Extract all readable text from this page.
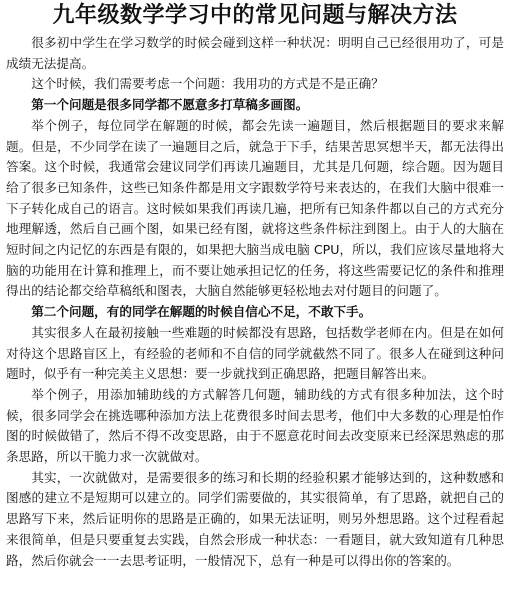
九年级数学学习中的常见问题与解决方法

很多初中学生在学习数学的时候会碰到这样一种状况：明明自己已经很用功了，可是成绩无法提高。

这个时候，我们需要考虑一个问题：我用功的方式是不是正确？

第一个问题是很多同学都不愿意多打草稿多画图。

举个例子，每位同学在解题的时候，都会先读一遍题目，然后根据题目的要求来解题。但是，不少同学在读了一遍题目之后，就急于下手，结果苦思冥想半天，都无法得出答案。这个时候，我通常会建议同学们再读几遍题目，尤其是几何题，综合题。因为题目给了很多已知条件，这些已知条件都是用文字跟数学符号来表达的，在我们大脑中很难一下子转化成自己的语言。这时候如果我们再读几遍，把所有已知条件都以自己的方式充分地理解透，然后自己画个图，如果已经有图，就将这些条件标注到图上。由于人的大脑在短时间之内记忆的东西是有限的，如果把大脑当成电脑 CPU，所以，我们应该尽量地将大脑的功能用在计算和推理上，而不要让她承担记忆的任务，将这些需要记忆的条件和推理得出的结论都交给草稿纸和图表，大脑自然能够更轻松地去对付题目的问题了。

第二个问题，有的同学在解题的时候自信心不足，不敢下手。

其实很多人在最初接触一些难题的时候都没有思路，包括数学老师在内。但是在如何对待这个思路盲区上，有经验的老师和不自信的同学就截然不同了。很多人在碰到这种问题时，似乎有一种完美主义思想：要一步就找到正确思路，把题目解答出来。

举个例子，用添加辅助线的方式解答几何题，辅助线的方式有很多种加法，这个时候，很多同学会在挑选哪种添加方法上花费很多时间去思考，他们中大多数的心理是怕作图的时候做错了，然后不得不改变思路，由于不愿意花时间去改变原来已经深思熟虑的那条思路，所以干脆力求一次就做对。

其实，一次就做对，是需要很多的练习和长期的经验积累才能够达到的，这种数感和图感的建立不是短期可以建立的。同学们需要做的，其实很简单，有了思路，就把自己的思路写下来，然后证明你的思路是正确的，如果无法证明，则另外想思路。这个过程看起来很简单，但是只要重复去实践，自然会形成一种状态：一看题目，就大致知道有几种思路，然后你就会一一去思考证明，一般情况下，总有一种是可以得出你的答案的。
